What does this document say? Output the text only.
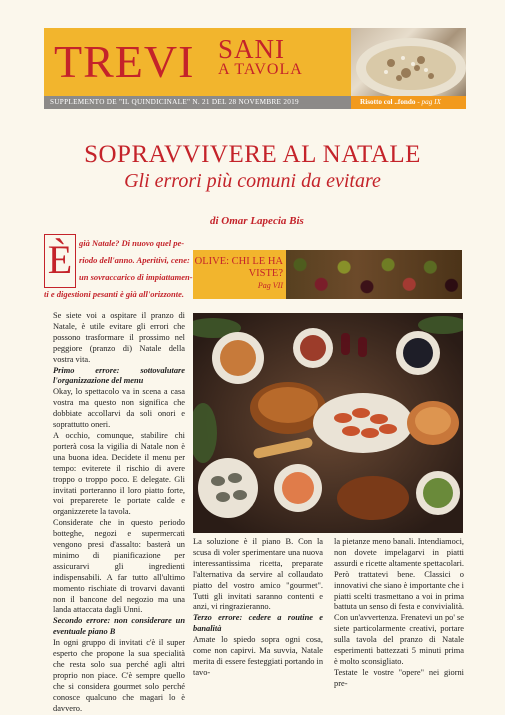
TREVI SANI
A TAVOLA
SUPPLEMENTO DE "IL QUINDICINALE" N. 21 DEL 28 NOVEMBRE 2019	Risotto col ..fondo - pag IX
SOPRAVVIVERE AL NATALE
Gli errori più comuni da evitare
di Omar Lapecia Bis
È già Natale? Di nuovo quel pe-
riodo dell'anno. Aperitivi, cene:
un sovraccarico di impiattamen-
ti e digestioni pesanti è già all'orizzonte.
OLIVE: CHI LE HA VISTE?
Pag VII

Se siete voi a ospitare il pranzo di Natale, è utile evitare gli errori che possono trasformare il prossimo nel peggiore (pranzo di) Natale della vostra vita.

Primo errore: sottovalutare l'organizzazione del menu

Okay, lo spettacolo va in scena a casa vostra ma questo non significa che dobbiate accollarvi da soli onori e soprattutto oneri.

A occhio, comunque, stabilire chi porterà cosa la vigilia di Natale non è una buona idea. Decidete il menu per tempo: eviterete il rischio di avere troppo o troppo poco. E delegate. Gli invitati porteranno il loro piatto forte, voi preparerete le portate calde e organizzerete la tavola.

Considerate che in questo periodo botteghe, negozi e supermercati vengono presi d'assalto: basterà un minimo di pianificazione per assicurarvi gli ingredienti indispensabili. A far tutto all'ultimo momento rischiate di trovarvi davanti non il bancone del negozio ma una landa attaccata dagli Unni.

Secondo errore: non considerare un eventuale piano B

In ogni gruppo di invitati c'è il super esperto che propone la sua specialità che resta solo sua perché agli altri proprio non piace. C'è sempre quello che si considera gourmet solo perché conosce qualcuno che magari lo è davvero.

La soluzione è il piano B. Con la scusa di voler sperimentare una nuova interessantissima ricetta, preparate l'alternativa da servire al collaudato piatto del vostro amico "gourmet". Tutti gli invitati saranno contenti e anzi, vi ringrazieranno.

Terzo errore: cedere a routine e banalità

Amate lo spiedo sopra ogni cosa, come non capirvi. Ma suvvia, Natale merita di essere festeggiati portando in tavo-

la pietanze meno banali. Intendiamoci, non dovete impelagarvi in piatti assurdi e ricette altamente spettacolari. Però trattatevi bene. Classici o innovativi che siano è importante che i piatti scelti trasmettano a voi in prima battuta un senso di festa e convivialità.

Con un'avvertenza. Frenatevi un po' se siete particolarmente creativi, portare sulla tavola del pranzo di Natale esperimenti battezzati 5 minuti prima è molto sconsigliato.

Testate le vostre "opere" nei giorni pre-
